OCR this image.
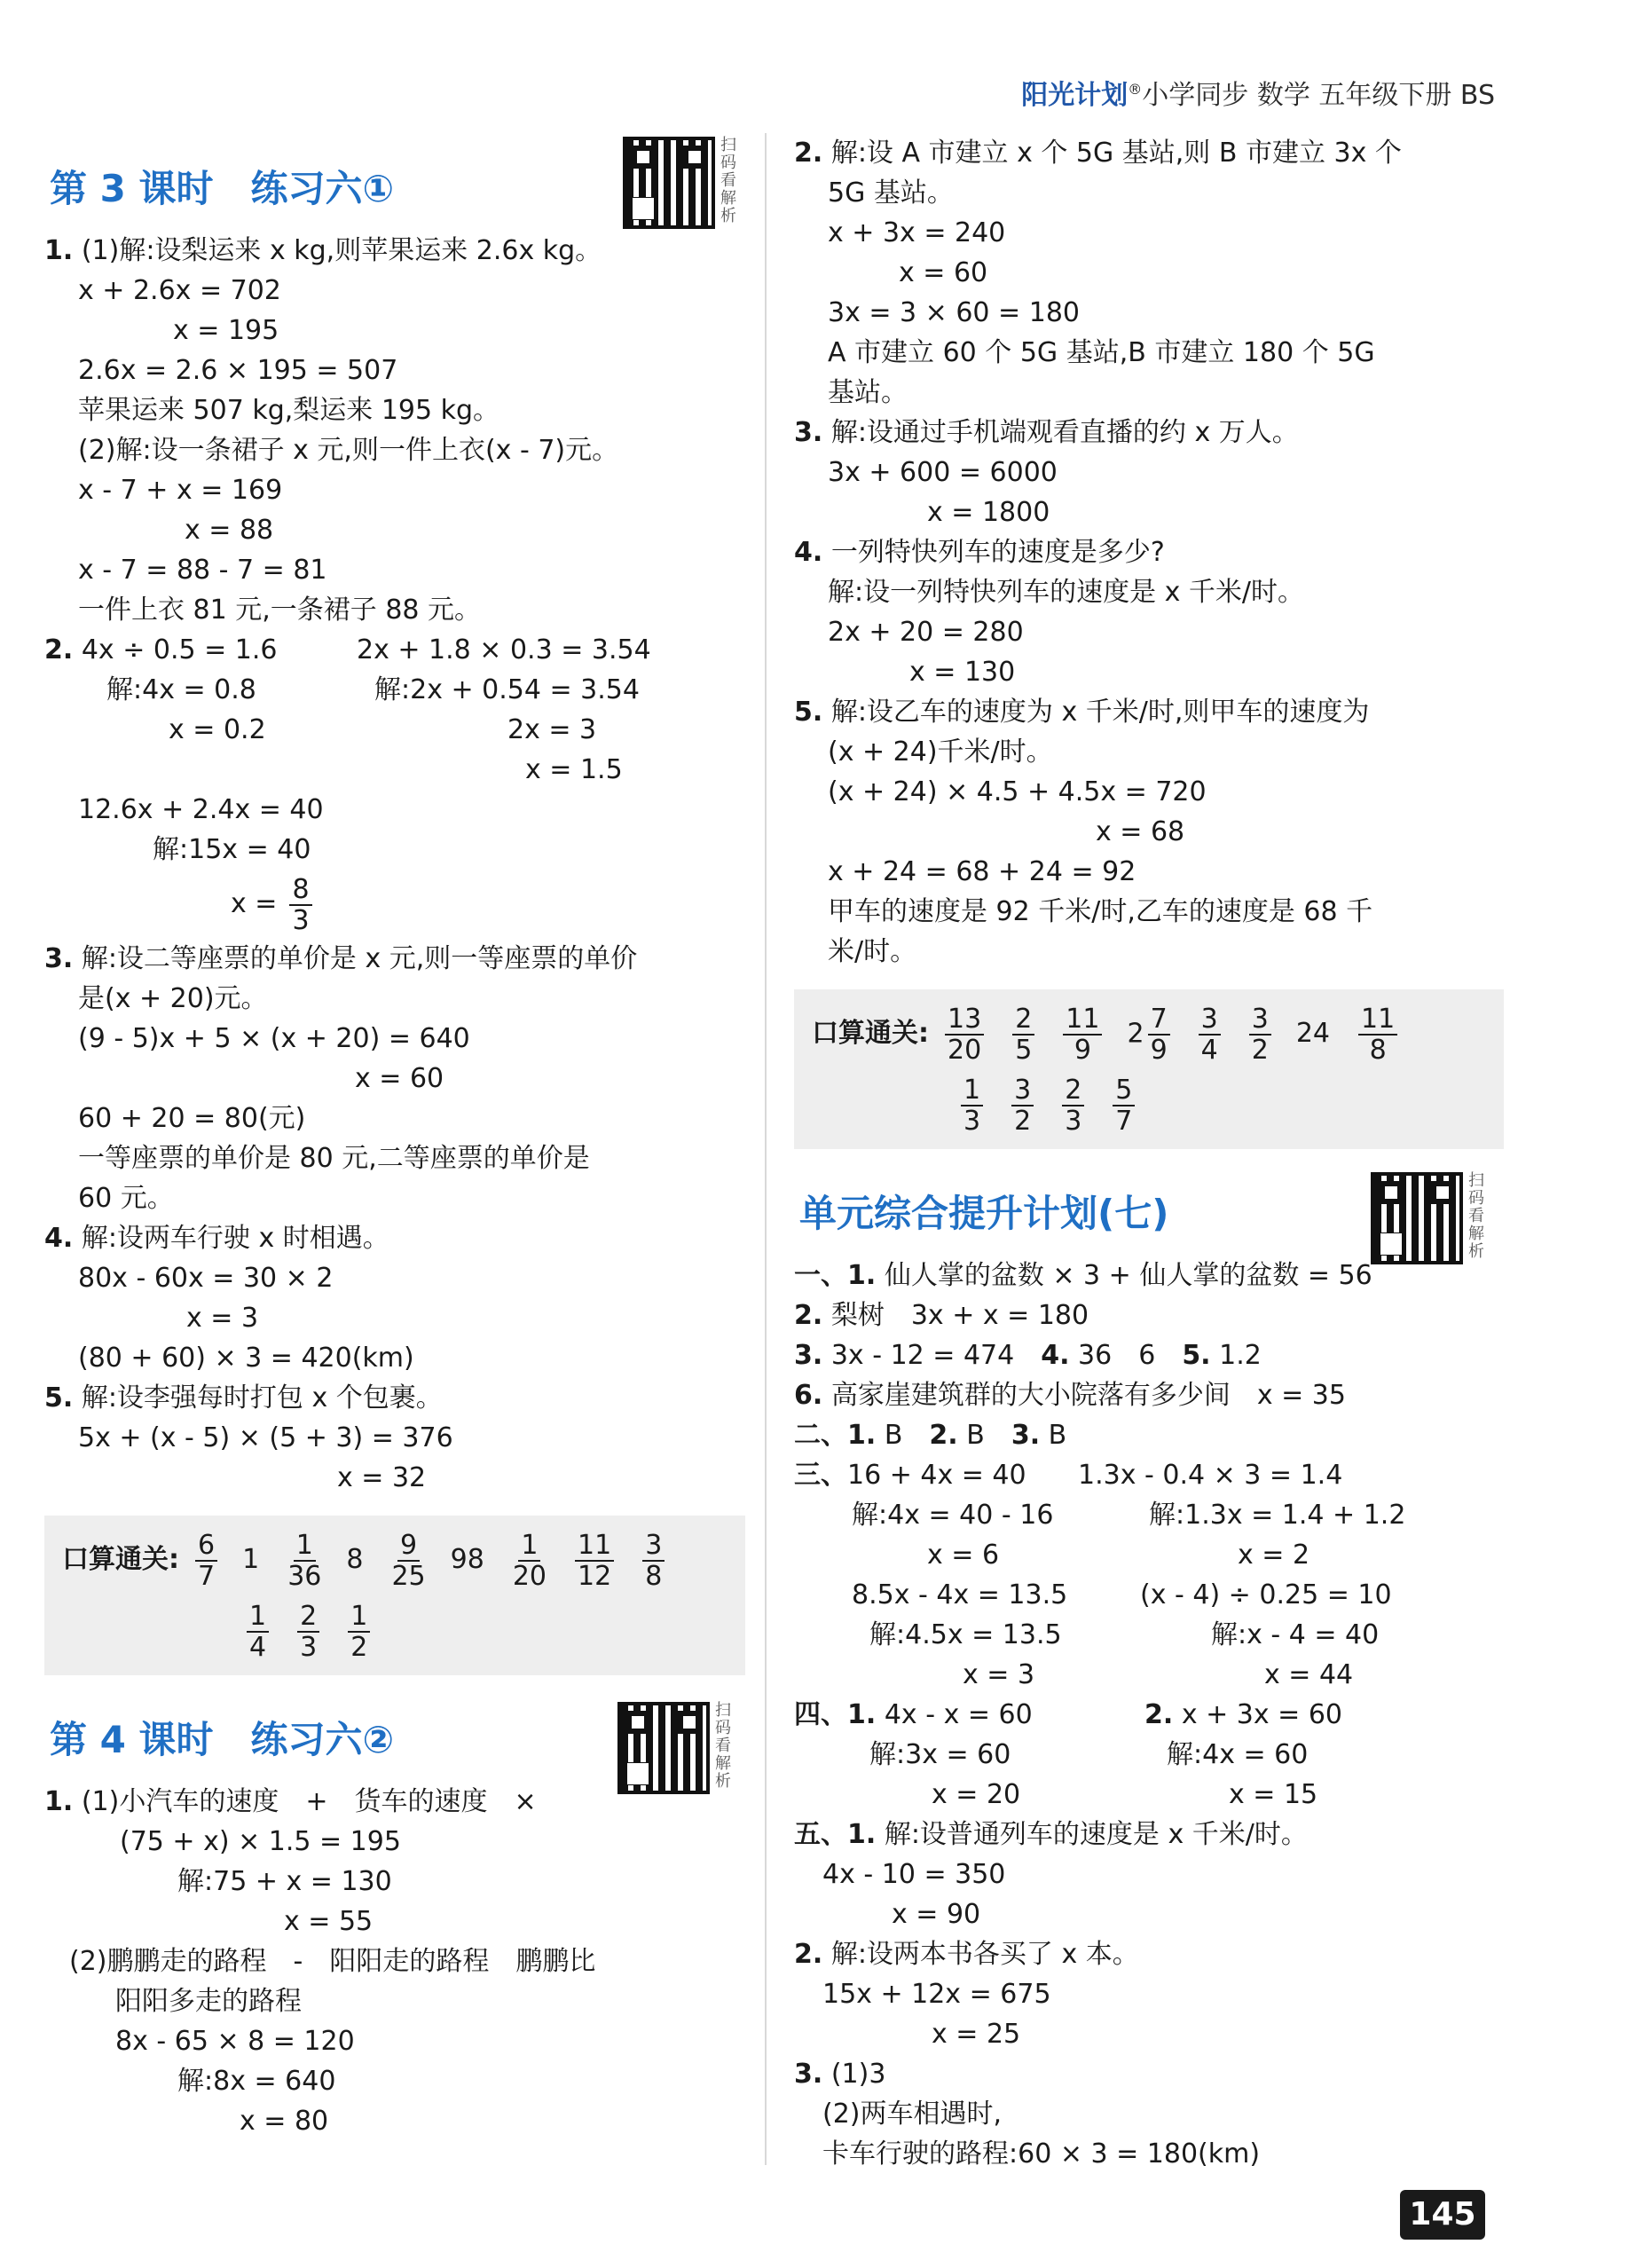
阳光计划®小学同步 数学 五年级下册 BS
第 3 课时　练习六①
扫码看解析
1. (1)解:设梨运来 x kg,则苹果运来 2.6x kg。
x + 2.6x = 702
x = 195
2.6x = 2.6 × 195 = 507
苹果运来 507 kg,梨运来 195 kg。
(2)解:设一条裙子 x 元,则一件上衣(x - 7)元。
x - 7 + x = 169
x = 88
x - 7 = 88 - 7 = 81
一件上衣 81 元,一条裙子 88 元。
2. 4x ÷ 0.5 = 1.6	2x + 1.8 × 0.3 = 3.54
解:4x = 0.8	解:2x + 0.54 = 3.54
x = 0.2	2x = 3
x = 1.5
12.6x + 2.4x = 40
解:15x = 40
$x = \frac{8}{3}$
3. 解:设二等座票的单价是 x 元,则一等座票的单价
是(x + 20)元。
(9 - 5)x + 5 × (x + 20) = 640
x = 60
60 + 20 = 80(元)
一等座票的单价是 80 元,二等座票的单价是
60 元。
4. 解:设两车行驶 x 时相遇。
80x - 60x = 30 × 2
x = 3
(80 + 60) × 3 = 420(km)
5. 解:设李强每时打包 x 个包裹。
5x + (x - 5) × (5 + 3) = 376
x = 32
口算通关: $\frac{6}{7} 1 \frac{1}{36} 8 \frac{9}{25} 98 \frac{1}{20} \frac{11}{12} \frac{3}{8}$
$\frac{1}{4} \frac{2}{3} \frac{1}{2}$
第 4 课时　练习六②
扫码看解析
1. (1)小汽车的速度　+　货车的速度　×
(75 + x) × 1.5 = 195
解:75 + x = 130
x = 55
(2)鹏鹏走的路程　-　阳阳走的路程　鹏鹏比
阳阳多走的路程
8x - 65 × 8 = 120
解:8x = 640
x = 80
2. 解:设 A 市建立 x 个 5G 基站,则 B 市建立 3x 个
5G 基站。
x + 3x = 240
x = 60
3x = 3 × 60 = 180
A 市建立 60 个 5G 基站,B 市建立 180 个 5G
基站。
3. 解:设通过手机端观看直播的约 x 万人。
3x + 600 = 6000
x = 1800
4. 一列特快列车的速度是多少?
解:设一列特快列车的速度是 x 千米/时。
2x + 20 = 280
x = 130
5. 解:设乙车的速度为 x 千米/时,则甲车的速度为
(x + 24)千米/时。
(x + 24) × 4.5 + 4.5x = 720
x = 68
x + 24 = 68 + 24 = 92
甲车的速度是 92 千米/时,乙车的速度是 68 千
米/时。
口算通关: $\frac{13}{20} \frac{2}{5} \frac{11}{9} 2 \frac{7}{9} \frac{3}{4} \frac{3}{2} 24 \frac{11}{8}$
$\frac{1}{3} \frac{3}{2} \frac{2}{3} \frac{5}{7}$
单元综合提升计划(七)
扫码看解析
一、1. 仙人掌的盆数 × 3 + 仙人掌的盆数 = 56
2. 梨树　3x + x = 180
3. 3x - 12 = 474　 4. 36　6　 5. 1.2
6. 高家崖建筑群的大小院落有多少间　x = 35
二、1. B　 2. B　 3. B
三、16 + 4x = 40 1.3x - 0.4 × 3 = 1.4
解:4x = 40 - 16	解:1.3x = 1.4 + 1.2
x = 6	x = 2
8.5x - 4x = 13.5	(x - 4) ÷ 0.25 = 10
解:4.5x = 13.5	解:x - 4 = 40
x = 3	x = 44
四、1. 4x - x = 60	2. x + 3x = 60
解:3x = 60	解:4x = 60
x = 20	x = 15
五、1. 解:设普通列车的速度是 x 千米/时。
4x - 10 = 350
x = 90
2. 解:设两本书各买了 x 本。
15x + 12x = 675
x = 25
3. (1)3
(2)两车相遇时,
卡车行驶的路程:60 × 3 = 180(km)
145
